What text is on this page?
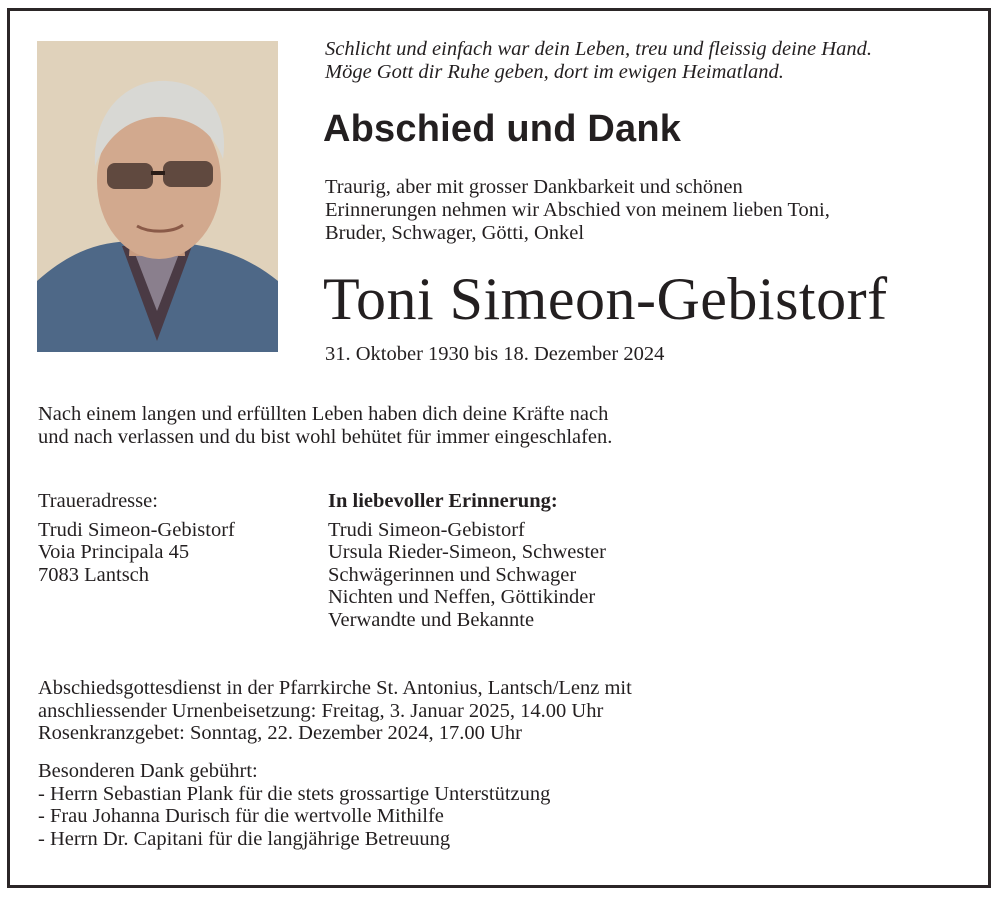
Schlicht und einfach war dein Leben, treu und fleissig deine Hand.
Möge Gott dir Ruhe geben, dort im ewigen Heimatland.
Abschied und Dank
Traurig, aber mit grosser Dankbarkeit und schönen
Erinnerungen nehmen wir Abschied von meinem lieben Toni,
Bruder, Schwager, Götti, Onkel
Toni Simeon-Gebistorf
31. Oktober 1930 bis 18. Dezember 2024
Nach einem langen und erfüllten Leben haben dich deine Kräfte nach
und nach verlassen und du bist wohl behütet für immer eingeschlafen.
Traueradresse:
Trudi Simeon-Gebistorf
Voia Principala 45
7083 Lantsch
In liebevoller Erinnerung:
Trudi Simeon-Gebistorf
Ursula Rieder-Simeon, Schwester
Schwägerinnen und Schwager
Nichten und Neffen, Göttikinder
Verwandte und Bekannte
Abschiedsgottesdienst in der Pfarrkirche St. Antonius, Lantsch/Lenz mit
anschliessender Urnenbeisetzung: Freitag, 3. Januar 2025, 14.00 Uhr
Rosenkranzgebet: Sonntag, 22. Dezember 2024, 17.00 Uhr
Besonderen Dank gebührt:
- Herrn Sebastian Plank für die stets grossartige Unterstützung
- Frau Johanna Durisch für die wertvolle Mithilfe
- Herrn Dr. Capitani für die langjährige Betreuung
